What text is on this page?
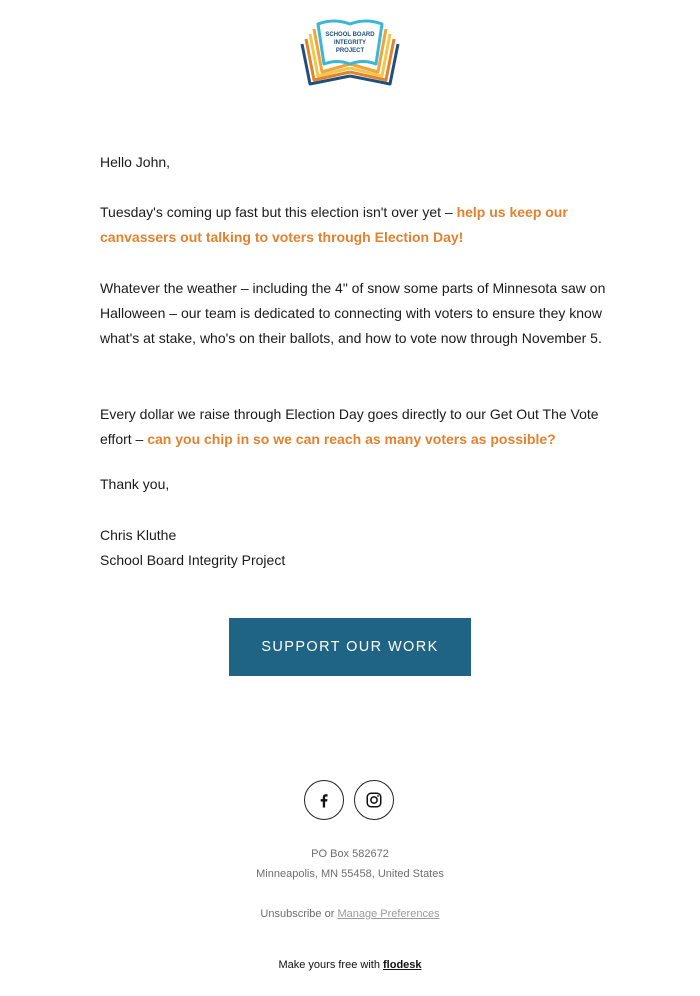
SCHOOL BOARD
INTEGRITY
PROJECT

Hello John,

Tuesday's coming up fast but this election isn't over yet – help us keep our canvassers out talking to voters through Election Day!

Whatever the weather – including the 4" of snow some parts of Minnesota saw on Halloween – our team is dedicated to connecting with voters to ensure they know what's at stake, who's on their ballots, and how to vote now through November 5.

Every dollar we raise through Election Day goes directly to our Get Out The Vote effort – can you chip in so we can reach as many voters as possible?

Thank you,

Chris Kluthe

School Board Integrity Project

SUPPORT OUR WORK
PO Box 582672
Minneapolis, MN 55458, United States
Unsubscribe or Manage Preferences
Make yours free with flodesk
